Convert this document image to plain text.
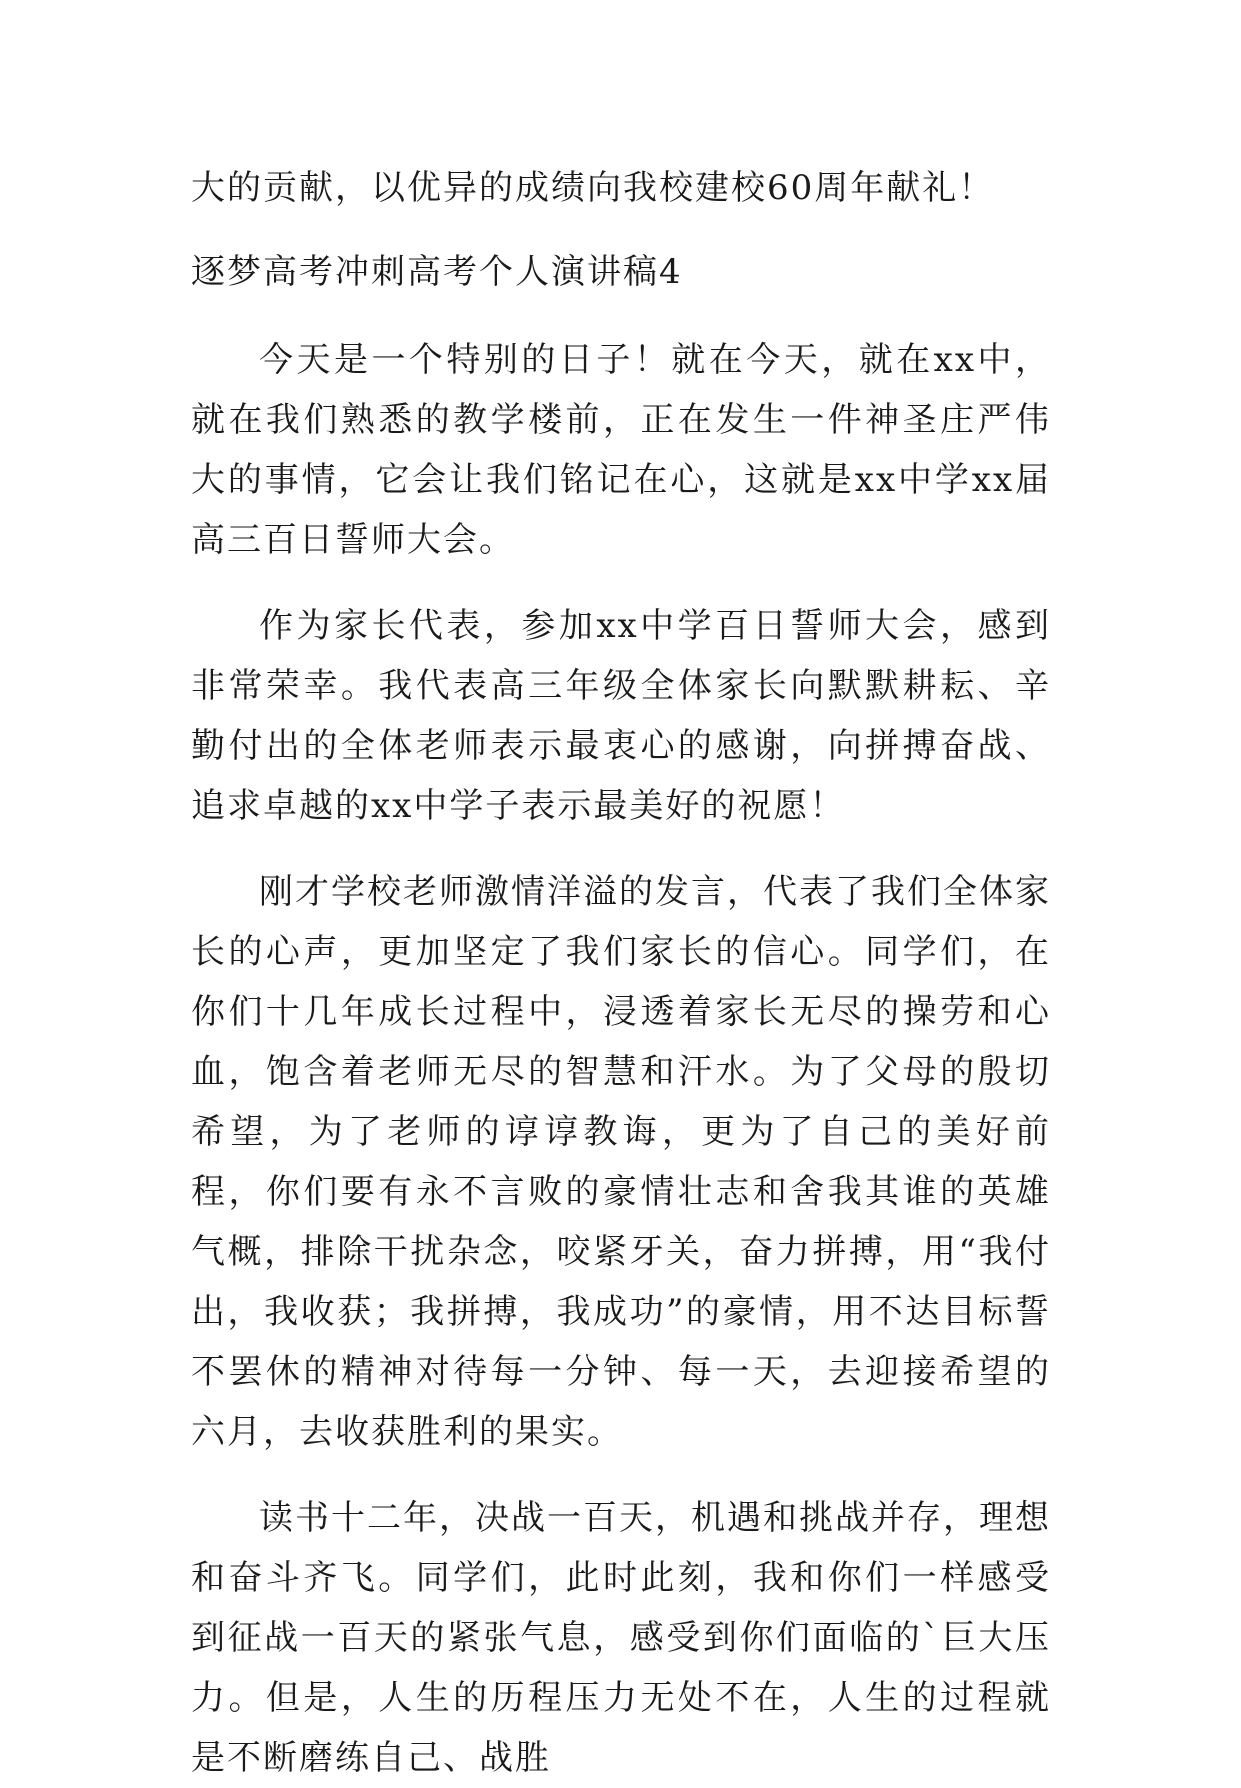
大的贡献，以优异的成绩向我校建校60周年献礼！
逐梦高考冲刺高考个人演讲稿4

今天是一个特别的日子！就在今天，就在xx中，就在我们熟悉的教学楼前，正在发生一件神圣庄严伟大的事情，它会让我们铭记在心，这就是xx中学xx届高三百日誓师大会。

作为家长代表，参加xx中学百日誓师大会，感到非常荣幸。我代表高三年级全体家长向默默耕耘、辛勤付出的全体老师表示最衷心的感谢，向拼搏奋战、追求卓越的xx中学子表示最美好的祝愿！

刚才学校老师激情洋溢的发言，代表了我们全体家长的心声，更加坚定了我们家长的信心。同学们，在你们十几年成长过程中，浸透着家长无尽的操劳和心血，饱含着老师无尽的智慧和汗水。为了父母的殷切希望，为了老师的谆谆教诲，更为了自己的美好前程，你们要有永不言败的豪情壮志和舍我其谁的英雄气概，排除干扰杂念，咬紧牙关，奋力拼搏，用“我付出，我收获；我拼搏，我成功”的豪情，用不达目标誓不罢休的精神对待每一分钟、每一天，去迎接希望的六月，去收获胜利的果实。

读书十二年，决战一百天，机遇和挑战并存，理想和奋斗齐飞。同学们，此时此刻，我和你们一样感受到征战一百天的紧张气息，感受到你们面临的`巨大压力。但是，人生的历程压力无处不在，人生的过程就是不断磨练自己、战胜
